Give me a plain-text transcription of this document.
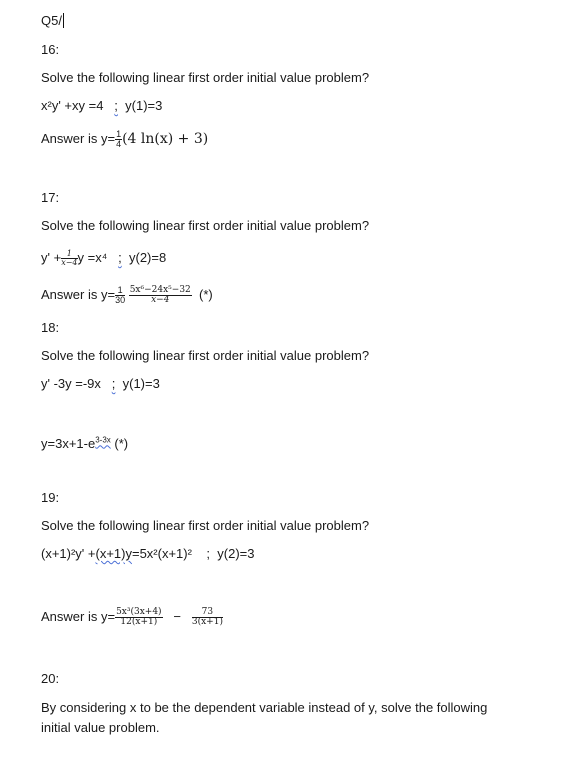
Q5/
16:
Solve the following linear first order initial value problem?
x²y' +xy =4 ; y(1)=3
Answer is $y= \frac{1}{4} (4$ ln(x) + 3)
17:
Solve the following linear first order initial value problem?
$y' + \frac{1}{x-4}$ y =x⁴ ; y(2)=8
Answer is $y= \frac{1}{30}$
$\frac{\text{5x⁶−24x⁵−32}}{x-4}$ (*)
18:
Solve the following linear first order initial value problem?
y' -3y =-9x ; y(1)=3
$y=3x+1-e^{3-3x}$ (*)
19:
Solve the following linear first order initial value problem?
(x+1)²y' +(x+1)y=5x²(x+1)² ; y(2)=3
Answer is $y= \frac{\text{5x³(3x+4)}}{12(x+1)} - \frac{73}{3(x+1)}$
20:
By considering x to be the dependent variable instead of y, solve the following
initial value problem.
